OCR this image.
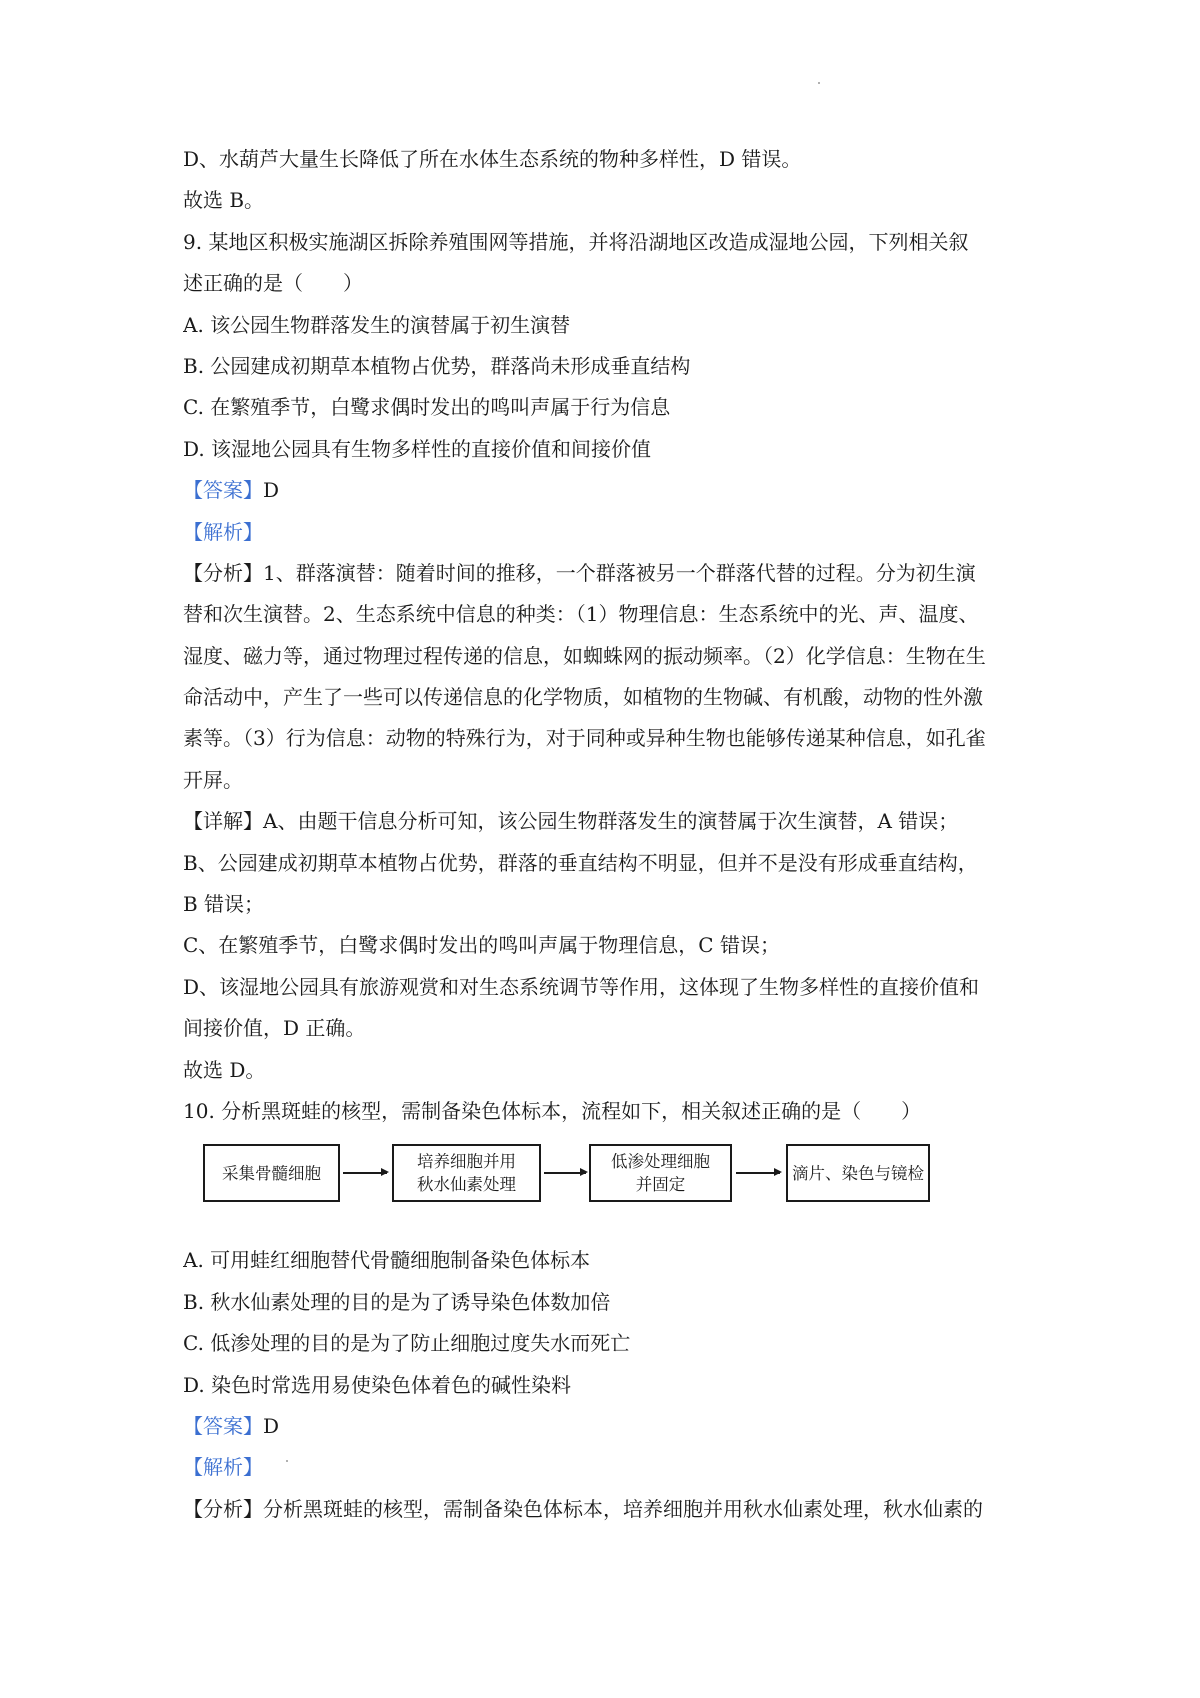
D、水葫芦大量生长降低了所在水体生态系统的物种多样性，D 错误。
故选 B。
9. 某地区积极实施湖区拆除养殖围网等措施，并将沿湖地区改造成湿地公园，下列相关叙
述正确的是（　　）
A. 该公园生物群落发生的演替属于初生演替
B. 公园建成初期草本植物占优势，群落尚未形成垂直结构
C. 在繁殖季节，白鹭求偶时发出的鸣叫声属于行为信息
D. 该湿地公园具有生物多样性的直接价值和间接价值
【答案】D
【解析】
【分析】1、群落演替：随着时间的推移，一个群落被另一个群落代替的过程。分为初生演
替和次生演替。2、生态系统中信息的种类：（1）物理信息：生态系统中的光、声、温度、
湿度、磁力等，通过物理过程传递的信息，如蜘蛛网的振动频率。（2）化学信息：生物在生
命活动中，产生了一些可以传递信息的化学物质，如植物的生物碱、有机酸，动物的性外激
素等。（3）行为信息：动物的特殊行为，对于同种或异种生物也能够传递某种信息，如孔雀
开屏。
【详解】A、由题干信息分析可知，该公园生物群落发生的演替属于次生演替，A 错误；
B、公园建成初期草本植物占优势，群落的垂直结构不明显，但并不是没有形成垂直结构，
B 错误；
C、在繁殖季节，白鹭求偶时发出的鸣叫声属于物理信息，C 错误；
D、该湿地公园具有旅游观赏和对生态系统调节等作用，这体现了生物多样性的直接价值和
间接价值，D 正确。
故选 D。
10. 分析黑斑蛙的核型，需制备染色体标本，流程如下，相关叙述正确的是（　　）
采集骨髓细胞
培养细胞并用
秋水仙素处理
低渗处理细胞
并固定
滴片、染色与镜检
A. 可用蛙红细胞替代骨髓细胞制备染色体标本
B. 秋水仙素处理的目的是为了诱导染色体数加倍
C. 低渗处理的目的是为了防止细胞过度失水而死亡
D. 染色时常选用易使染色体着色的碱性染料
【答案】D
【解析】
【分析】分析黑斑蛙的核型，需制备染色体标本，培养细胞并用秋水仙素处理，秋水仙素的
